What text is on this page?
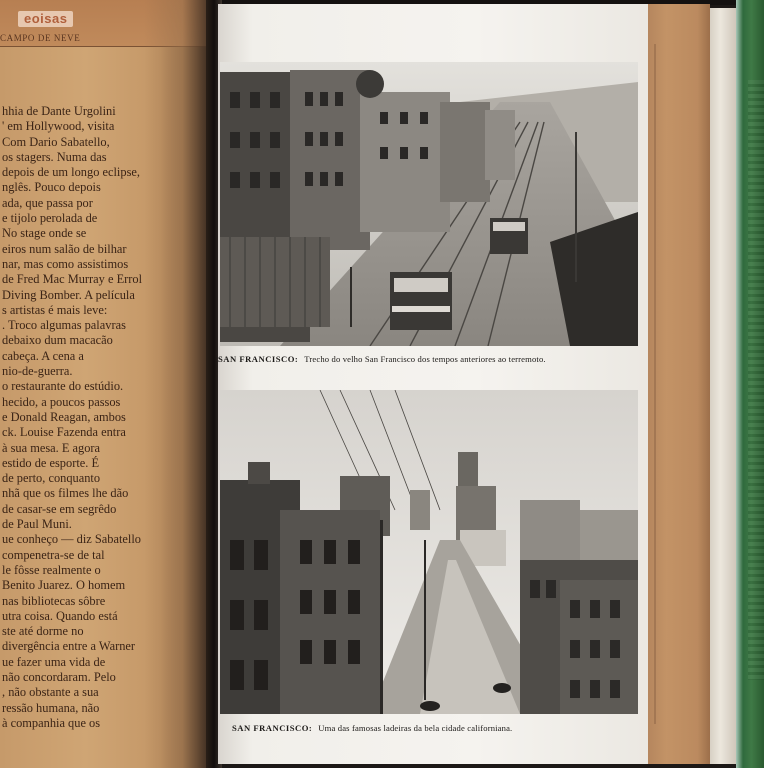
eoisas
CAMPO DE NEVE
hhia de Dante Urgolini
' em Hollywood, visita
Com Dario Sabatello,
os stagers. Numa das
depois de um longo eclipse,
nglês. Pouco depois
ada, que passa por
e tijolo perolada de
No stage onde se
eiros num salão de bilhar
nar, mas como assistimos
de Fred Mac Murray e Errol
Diving Bomber. A película
s artistas é mais leve:
. Troco algumas palavras
debaixo dum macacão
cabeça. A cena a
nio-de-guerra.
o restaurante do estúdio.
hecido, a poucos passos
e Donald Reagan, ambos
ck. Louise Fazenda entra
à sua mesa. E agora
estido de esporte. É
de perto, conquanto
nhã que os filmes lhe dão
de casar-se em segrêdo
de Paul Muni.
ue conheço — diz Sabatello
compenetra-se de tal
le fôsse realmente o
Benito Juarez. O homem
nas bibliotecas sôbre
utra coisa. Quando está
ste até dorme no
divergência entre a Warner
ue fazer uma vida de
não concordaram. Pelo
, não obstante a sua
ressão humana, não
à companhia que os
SAN FRANCISCO: Trecho do velho San Francisco dos tempos anteriores ao terremoto.
SAN FRANCISCO: Uma das famosas ladeiras da bela cidade californiana.
